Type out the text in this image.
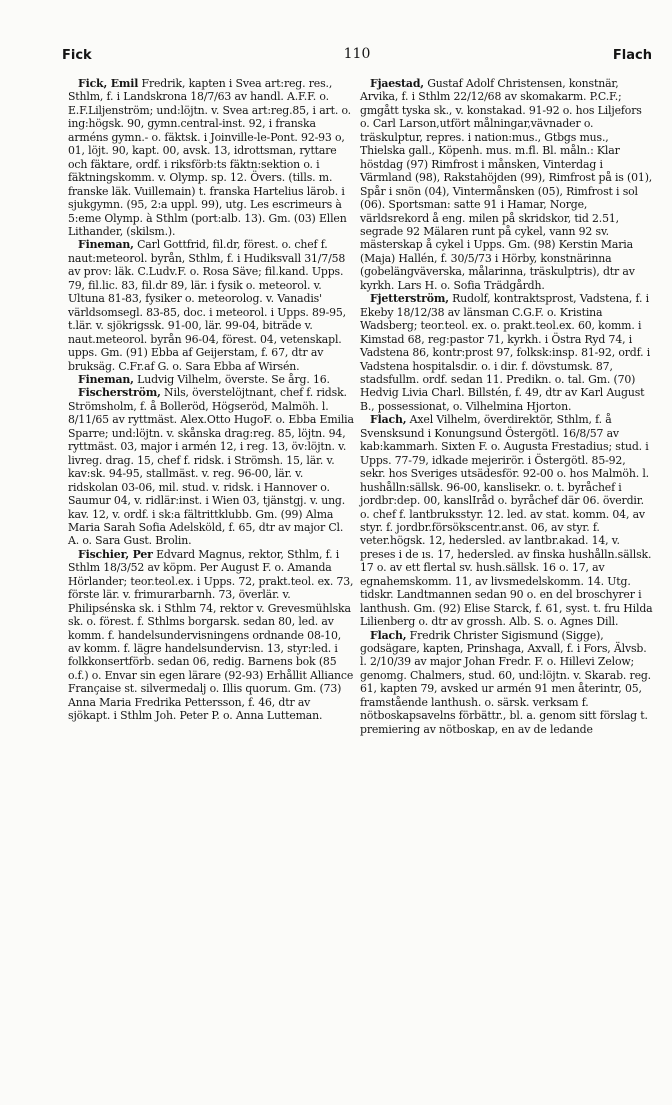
Fick	110	Flach

Fick, Emil Fredrik, kapten i Svea art:reg. res., Sthlm, f. i Landskrona 18/7/63 av handl. A.F.F. o. E.F.Liljenström; und:löjtn. v. Svea art:reg.85, i art. o. ing:högsk. 90, gymn.central-inst. 92, i franska arméns gymn.- o. fäktsk. i Joinville-le-Pont. 92-93 o, 01, löjt. 90, kapt. 00, avsk. 13, idrottsman, ryttare och fäktare, ordf. i riksförb:ts fäktn:sektion o. i fäktningskomm. v. Olymp. sp. 12. Övers. (tills. m. franske läk. Vuillemain) t. franska Hartelius lärob. i sjukgymn. (95, 2:a uppl. 99), utg. Les escrimeurs à 5:eme Olymp. à Sthlm (port:alb. 13). Gm. (03) Ellen Lithander, (skilsm.).

Fineman, Carl Gottfrid, fil.dr, förest. o. chef f. naut:meteorol. byrån, Sthlm, f. i Hudiksvall 31/7/58 av prov: läk. C.Ludv.F. o. Rosa Säve; fil.kand. Upps. 79, fil.lic. 83, fil.dr 89, lär. i fysik o. meteorol. v. Ultuna 81-83, fysiker o. meteorolog. v. Vanadis' världsomsegl. 83-85, doc. i meteorol. i Upps. 89-95, t.lär. v. sjökrigssk. 91-00, lär. 99-04, biträde v. naut.meteorol. byrån 96-04, förest. 04, vetenskapl. upps. Gm. (91) Ebba af Geijerstam, f. 67, dtr av bruksäg. C.Fr.af G. o. Sara Ebba af Wirsén.

Fineman, Ludvig Vilhelm, överste. Se årg. 16.

Fischerström, Nils, överstelöjtnant, chef f. ridsk. Strömsholm, f. å Bolleröd, Högseröd, Malmöh. l. 8/11/65 av ryttmäst. Alex.Otto HugoF. o. Ebba Emilia Sparre; und:löjtn. v. skånska drag:reg. 85, löjtn. 94, ryttmäst. 03, major i armén 12, i reg. 13, öv:löjtn. v. livreg. drag. 15, chef f. ridsk. i Strömsh. 15, lär. v. kav:sk. 94-95, stallmäst. v. reg. 96-00, lär. v. ridskolan 03-06, mil. stud. v. ridsk. i Hannover o. Saumur 04, v. ridlär:inst. i Wien 03, tjänstgj. v. ung. kav. 12, v. ordf. i sk:a fältrittklubb. Gm. (99) Alma Maria Sarah Sofia Adelsköld, f. 65, dtr av major Cl. A. o. Sara Gust. Brolin.

Fischier, Per Edvard Magnus, rektor, Sthlm, f. i Sthlm 18/3/52 av köpm. Per August F. o. Amanda Hörlander; teor.teol.ex. i Upps. 72, prakt.teol. ex. 73, förste lär. v. frimurarbarnh. 73, överlär. v. Philipsénska sk. i Sthlm 74, rektor v. Grevesmühlska sk. o. förest. f. Sthlms borgarsk. sedan 80, led. av komm. f. handelsundervisningens ordnande 08-10, av komm. f. lägre handelsundervisn. 13, styr:led. i folkkonsertförb. sedan 06, redig. Barnens bok (85 o.f.) o. Envar sin egen lärare (92-93) Erhållit Alliance Française st. silvermedalj o. Illis quorum. Gm. (73) Anna Maria Fredrika Pettersson, f. 46, dtr av sjökapt. i Sthlm Joh. Peter P. o. Anna Lutteman.

Fjaestad, Gustaf Adolf Christensen, konstnär, Arvika, f. i Sthlm 22/12/68 av skomakarm. P.C.F.; gmgått tyska sk., v. konstakad. 91-92 o. hos Liljefors o. Carl Larson,utfört målningar,vävnader o. träskulptur, repres. i nation:mus., Gtbgs mus., Thielska gall., Köpenh. mus. m.fl. Bl. måln.: Klar höstdag (97) Rimfrost i månsken, Vinterdag i Värmland (98), Rakstahöjden (99), Rimfrost på is (01), Spår i snön (04), Vintermånsken (05), Rimfrost i sol (06). Sportsman: satte 91 i Hamar, Norge, världsrekord å eng. milen på skridskor, tid 2.51, segrade 92 Mälaren runt på cykel, vann 92 sv. mästerskap å cykel i Upps. Gm. (98) Kerstin Maria (Maja) Hallén, f. 30/5/73 i Hörby, konstnärinna (gobelängväverska, målarinna, träskulptris), dtr av kyrkh. Lars H. o. Sofia Trädgårdh.

Fjetterström, Rudolf, kontraktsprost, Vadstena, f. i Ekeby 18/12/38 av länsman C.G.F. o. Kristina Wadsberg; teor.teol. ex. o. prakt.teol.ex. 60, komm. i Kimstad 68, reg:pastor 71, kyrkh. i Östra Ryd 74, i Vadstena 86, kontr:prost 97, folksk:insp. 81-92, ordf. i Vadstena hospitalsdir. o. i dir. f. dövstumsk. 87, stadsfullm. ordf. sedan 11. Predikn. o. tal. Gm. (70) Hedvig Livia Charl. Billstén, f. 49, dtr av Karl August B., possessionat, o. Vilhelmina Hjorton.

Flach, Axel Vilhelm, överdirektör, Sthlm, f. å Svensksund i Konungsund Östergötl. 16/8/57 av kab:kammarh. Sixten F. o. Augusta Frestadius; stud. i Upps. 77-79, idkade mejerirör. i Östergötl. 85-92, sekr. hos Sveriges utsädesför. 92-00 o. hos Malmöh. l. hushålln:sällsk. 96-00, kanslisekr. o. t. byråchef i jordbr:dep. 00, kanslIråd o. byråchef där 06. överdir. o. chef f. lantbruksstyr. 12. led. av stat. komm. 04, av styr. f. jordbr.försökscentr.anst. 06, av styr. f. veter.högsk. 12, hedersled. av lantbr.akad. 14, v. preses i de ıs. 17, hedersled. av finska hushålln.sällsk. 17 o. av ett flertal sv. hush.sällsk. 16 o. 17, av egnahemskomm. 11, av livsmedelskomm. 14. Utg. tidskr. Landtmannen sedan 90 o. en del broschyrer i lanthush. Gm. (92) Elise Starck, f. 61, syst. t. fru Hilda Lilienberg o. dtr av grossh. Alb. S. o. Agnes Dill.

Flach, Fredrik Christer Sigismund (Sigge), godsägare, kapten, Prinshaga, Axvall, f. i Fors, Älvsb. l. 2/10/39 av major Johan Fredr. F. o. Hillevi Zelow; genomg. Chalmers, stud. 60, und:löjtn. v. Skarab. reg. 61, kapten 79, avsked ur armén 91 men återintr, 05, framstående lanthush. o. särsk. verksam f. nötboskapsavelns förbättr., bl. a. genom sitt förslag t. premiering av nötboskap, en av de ledande
